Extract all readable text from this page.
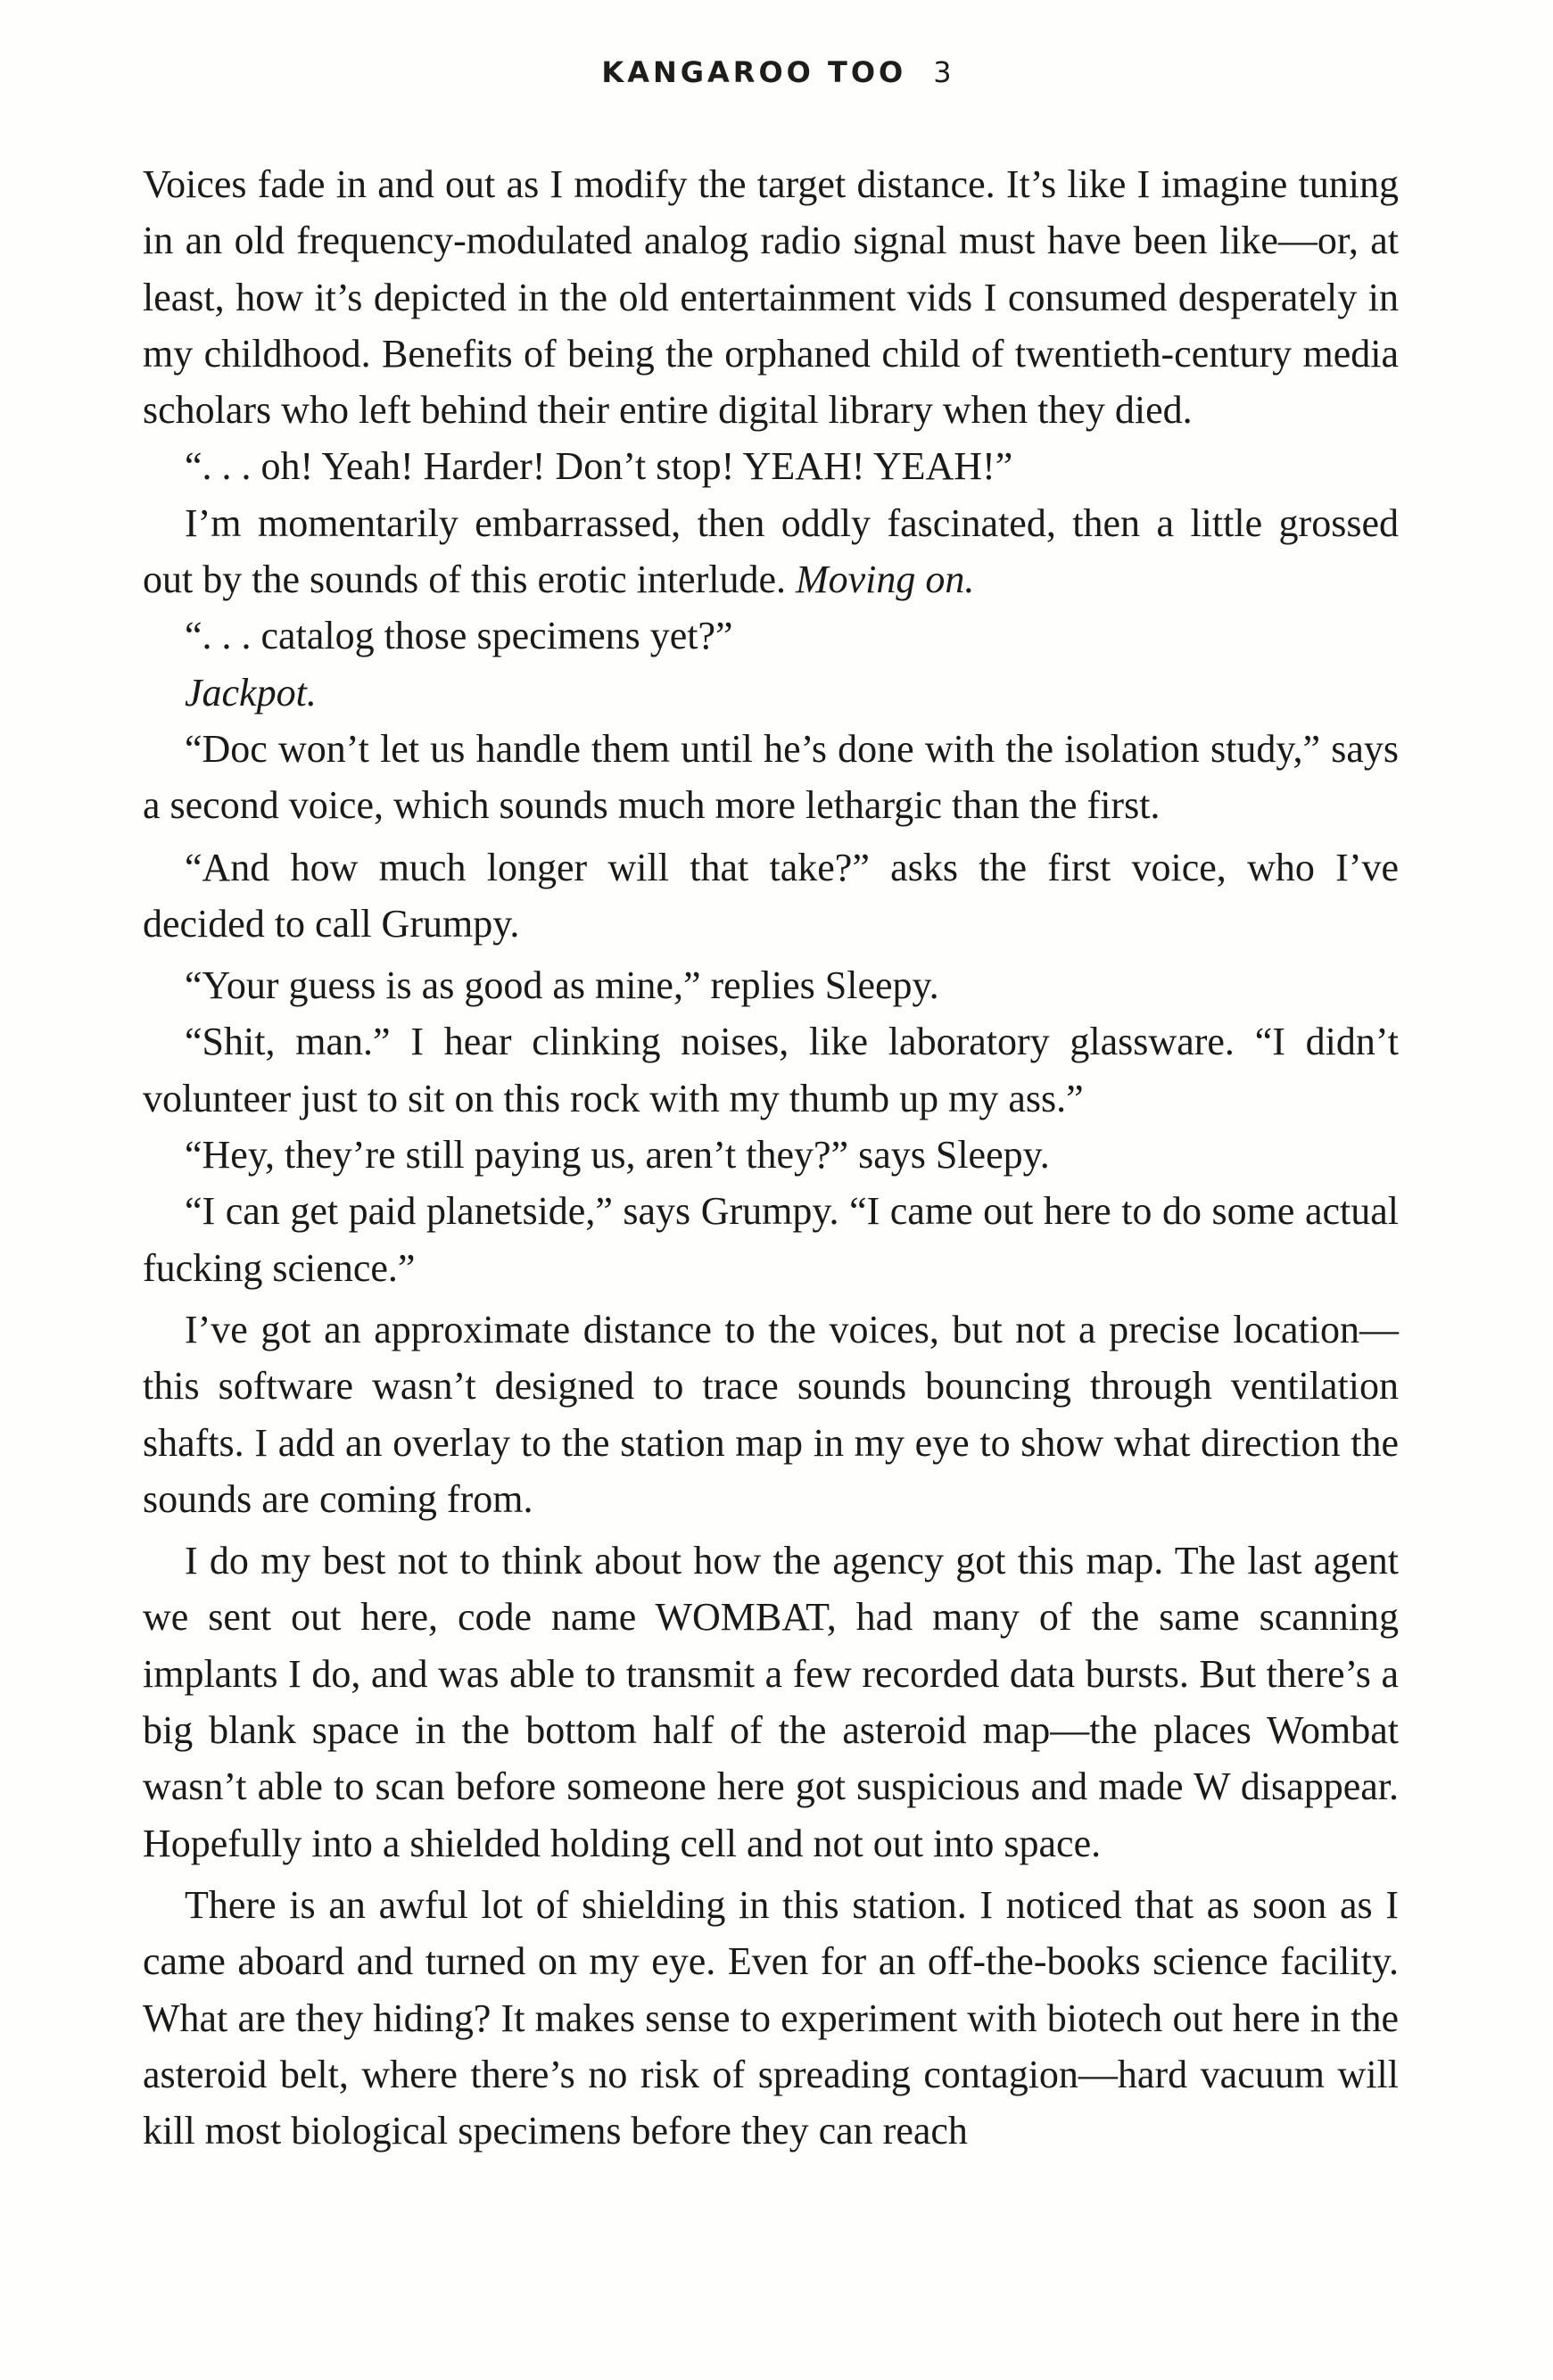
KANGAROO TOO 3

Voices fade in and out as I modify the target distance. It’s like I imagine tuning in an old frequency-modulated analog radio signal must have been like—or, at least, how it’s depicted in the old entertainment vids I consumed desperately in my childhood. Benefits of being the orphaned child of twentieth-century media scholars who left behind their entire digital library when they died.

“. . . oh! Yeah! Harder! Don’t stop! YEAH! YEAH!”

I’m momentarily embarrassed, then oddly fascinated, then a little grossed out by the sounds of this erotic interlude. Moving on.

“. . . catalog those specimens yet?”

Jackpot.

“Doc won’t let us handle them until he’s done with the isolation study,” says a second voice, which sounds much more lethargic than the first.

“And how much longer will that take?” asks the first voice, who I’ve decided to call Grumpy.

“Your guess is as good as mine,” replies Sleepy.

“Shit, man.” I hear clinking noises, like laboratory glassware. “I didn’t volunteer just to sit on this rock with my thumb up my ass.”

“Hey, they’re still paying us, aren’t they?” says Sleepy.

“I can get paid planetside,” says Grumpy. “I came out here to do some actual fucking science.”

I’ve got an approximate distance to the voices, but not a precise location—this software wasn’t designed to trace sounds bouncing through ventilation shafts. I add an overlay to the station map in my eye to show what direction the sounds are coming from.

I do my best not to think about how the agency got this map. The last agent we sent out here, code name WOMBAT, had many of the same scanning implants I do, and was able to transmit a few recorded data bursts. But there’s a big blank space in the bottom half of the asteroid map—the places Wombat wasn’t able to scan before someone here got suspicious and made W disappear. Hopefully into a shielded holding cell and not out into space.

There is an awful lot of shielding in this station. I noticed that as soon as I came aboard and turned on my eye. Even for an off-the-books science facility. What are they hiding? It makes sense to experiment with biotech out here in the asteroid belt, where there’s no risk of spreading contagion—hard vacuum will kill most biological specimens before they can reach
